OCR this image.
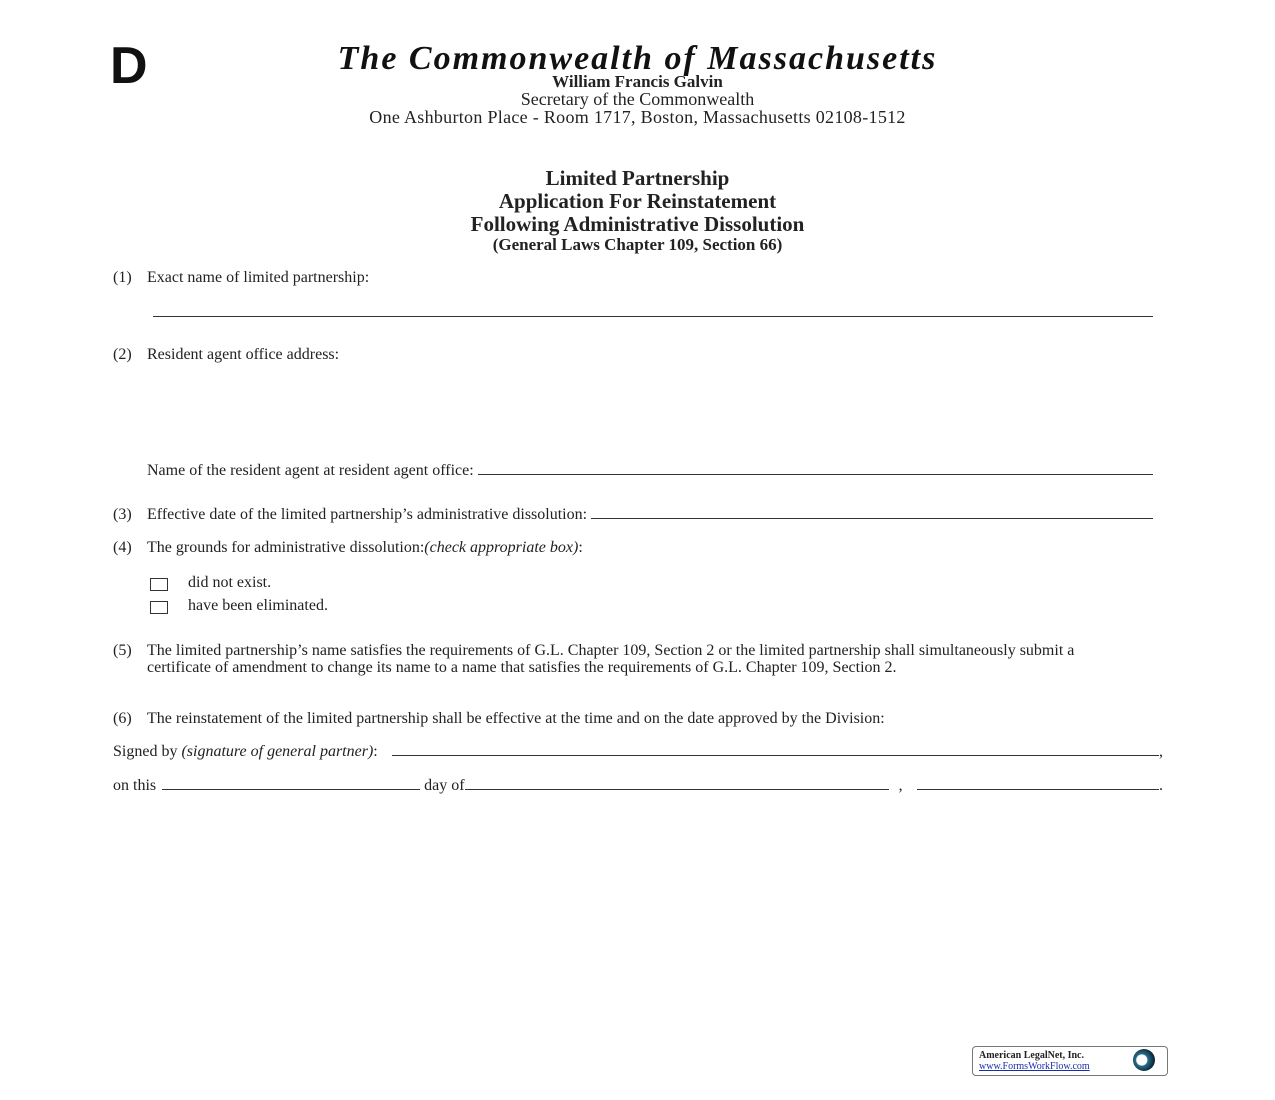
D	The Commonwealth of Massachusetts
William Francis Galvin
Secretary of the Commonwealth
One Ashburton Place - Room 1717, Boston, Massachusetts 02108-1512
Limited Partnership
Application For Reinstatement
Following Administrative Dissolution
(General Laws Chapter 109, Section 66)
(1) Exact name of limited partnership:
(2) Resident agent office address:
Name of the resident agent at resident agent office:
(3) Effective date of the limited partnership’s administrative dissolution:
(4) The grounds for administrative dissolution:(check appropriate box):
did not exist.
have been eliminated.
(5) The limited partnership’s name satisfies the requirements of G.L. Chapter 109, Section 2 or the limited partnership shall simultaneously submit a certificate of amendment to change its name to a name that satisfies the requirements of G.L. Chapter 109, Section 2.
(6) The reinstatement of the limited partnership shall be effective at the time and on the date approved by the Division:
Signed by
(signature of general partner) :	,
on this	day of	,	.
American LegalNet, Inc.
www.FormsWorkFlow.com
